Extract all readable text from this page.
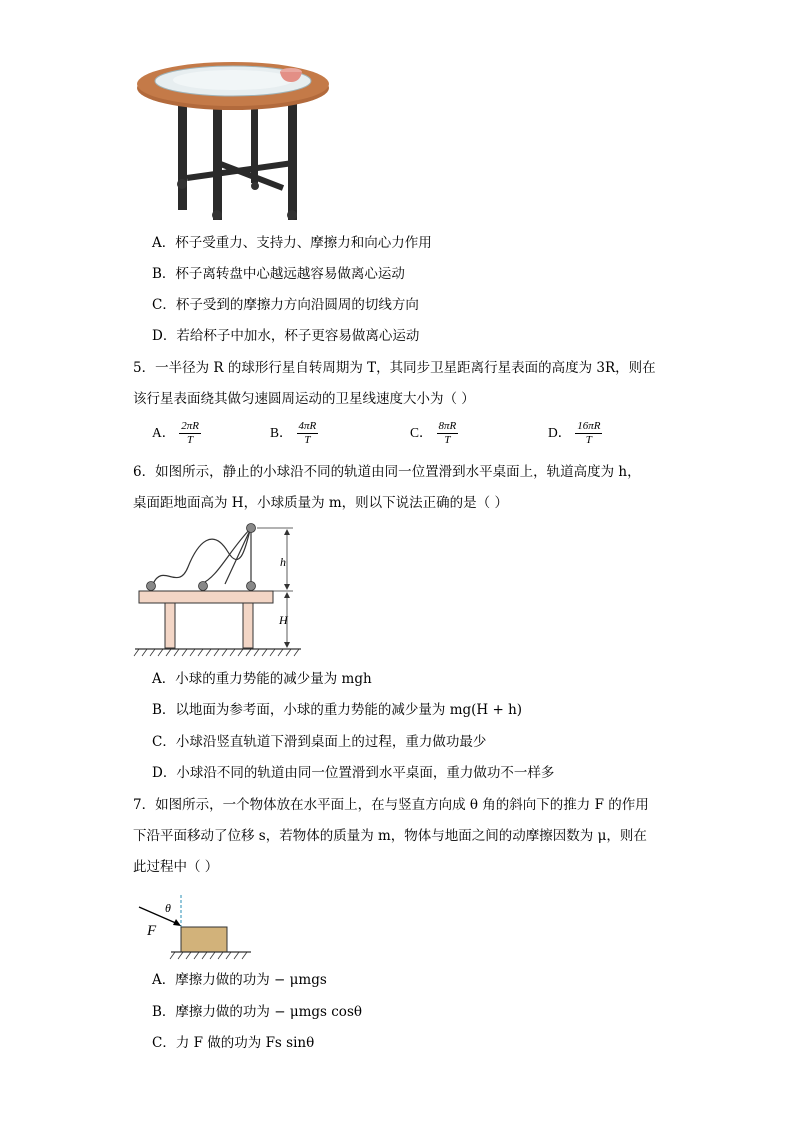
A．杯子受重力、支持力、摩擦力和向心力作用
B．杯子离转盘中心越远越容易做离心运动
C．杯子受到的摩擦力方向沿圆周的切线方向
D．若给杯子中加水，杯子更容易做离心运动
5．一半径为 R 的球形行星自转周期为 T，其同步卫星距离行星表面的高度为 3R，则在
该行星表面绕其做匀速圆周运动的卫星线速度大小为（ ）
A． $\frac{2\pi R}{T}$	B． $\frac{4\pi R}{T}$	C． $\frac{8\pi R}{T}$	D． $\frac{16\pi R}{T}$
6．如图所示，静止的小球沿不同的轨道由同一位置滑到水平桌面上，轨道高度为 h，
桌面距地面高为 H，小球质量为 m，则以下说法正确的是（ ）
h
H
A．小球的重力势能的减少量为 mgh
B．以地面为参考面，小球的重力势能的减少量为 mg(H + h)
C．小球沿竖直轨道下滑到桌面上的过程，重力做功最少
D．小球沿不同的轨道由同一位置滑到水平桌面，重力做功不一样多
7．如图所示，一个物体放在水平面上，在与竖直方向成 θ 角的斜向下的推力 F 的作用
下沿平面移动了位移 s，若物体的质量为 m，物体与地面之间的动摩擦因数为 μ，则在
此过程中（ ）
θ
F
A．摩擦力做的功为 − μmgs
B．摩擦力做的功为 − μmgs cosθ
C．力 F 做的功为 Fs sinθ
